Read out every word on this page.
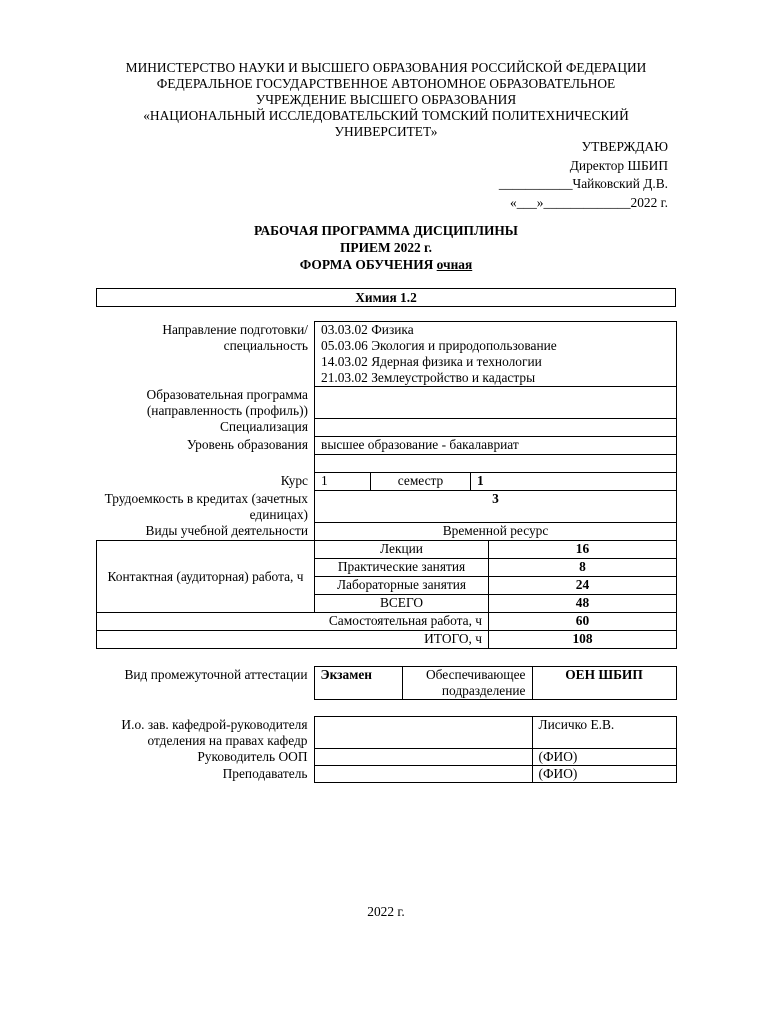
МИНИСТЕРСТВО НАУКИ И ВЫСШЕГО ОБРАЗОВАНИЯ РОССИЙСКОЙ ФЕДЕРАЦИИ
ФЕДЕРАЛЬНОЕ ГОСУДАРСТВЕННОЕ АВТОНОМНОЕ ОБРАЗОВАТЕЛЬНОЕ
УЧРЕЖДЕНИЕ ВЫСШЕГО ОБРАЗОВАНИЯ
«НАЦИОНАЛЬНЫЙ ИССЛЕДОВАТЕЛЬСКИЙ ТОМСКИЙ ПОЛИТЕХНИЧЕСКИЙ
УНИВЕРСИТЕТ»
УТВЕРЖДАЮ
Директор ШБИП
___________Чайковский Д.В.
«___»_____________2022 г.
РАБОЧАЯ ПРОГРАММА ДИСЦИПЛИНЫ
ПРИЕМ 2022 г.
ФОРМА ОБУЧЕНИЯ очная
Химия 1.2
Направление подготовки/ специальность	03.03.02 Физика
05.03.06 Экология и природопользование
14.03.02 Ядерная физика и технологии
21.03.02 Землеустройство и кадастры			

Образовательная программа (направленность (профиль))				
Специализация				
Уровень образования	высшее образование - бакалавриат			

Курс	1	семестр	1	
Трудоемкость в кредитах (зачетных единицах)	3			
Виды учебной деятельности	Временной ресурс			
Контактная (аудиторная) работа, ч	Лекции			16
	Практические занятия			8
	Лабораторные занятия			24
	ВСЕГО			48
Самостоятельная работа, ч				60
ИТОГО, ч				108
Вид промежуточной аттестации	Экзамен	Обеспечивающее подразделение	ОЕН ШБИП
И.о. зав. кафедрой-руководителя отделения на правах кафедр		Лисичко Е.В.
Руководитель ООП		(ФИО)
Преподаватель		(ФИО)
2022 г.
